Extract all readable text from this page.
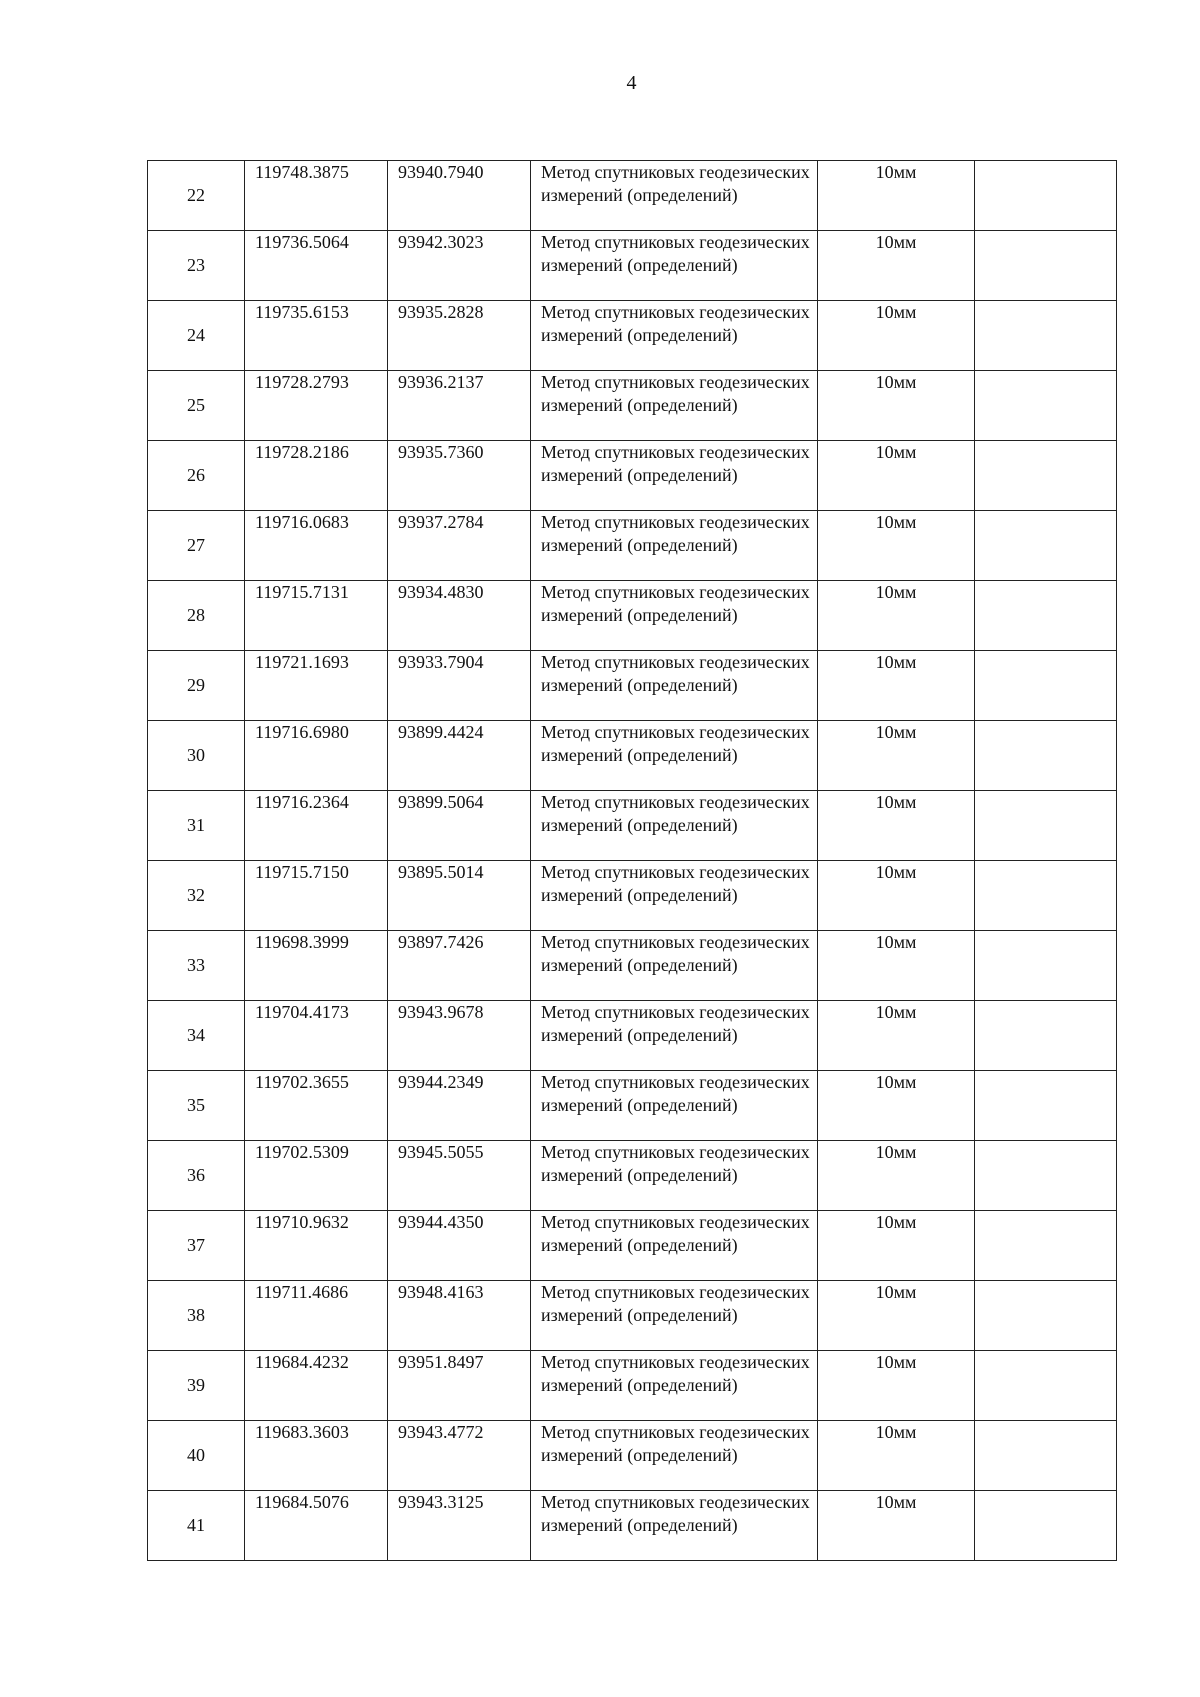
4
22	119748.3875	93940.7940	Метод спутниковых геодезических измерений (определений)	10мм	
23	119736.5064	93942.3023	Метод спутниковых геодезических измерений (определений)	10мм	
24	119735.6153	93935.2828	Метод спутниковых геодезических измерений (определений)	10мм	
25	119728.2793	93936.2137	Метод спутниковых геодезических измерений (определений)	10мм	
26	119728.2186	93935.7360	Метод спутниковых геодезических измерений (определений)	10мм	
27	119716.0683	93937.2784	Метод спутниковых геодезических измерений (определений)	10мм	
28	119715.7131	93934.4830	Метод спутниковых геодезических измерений (определений)	10мм	
29	119721.1693	93933.7904	Метод спутниковых геодезических измерений (определений)	10мм	
30	119716.6980	93899.4424	Метод спутниковых геодезических измерений (определений)	10мм	
31	119716.2364	93899.5064	Метод спутниковых геодезических измерений (определений)	10мм	
32	119715.7150	93895.5014	Метод спутниковых геодезических измерений (определений)	10мм	
33	119698.3999	93897.7426	Метод спутниковых геодезических измерений (определений)	10мм	
34	119704.4173	93943.9678	Метод спутниковых геодезических измерений (определений)	10мм	
35	119702.3655	93944.2349	Метод спутниковых геодезических измерений (определений)	10мм	
36	119702.5309	93945.5055	Метод спутниковых геодезических измерений (определений)	10мм	
37	119710.9632	93944.4350	Метод спутниковых геодезических измерений (определений)	10мм	
38	119711.4686	93948.4163	Метод спутниковых геодезических измерений (определений)	10мм	
39	119684.4232	93951.8497	Метод спутниковых геодезических измерений (определений)	10мм	
40	119683.3603	93943.4772	Метод спутниковых геодезических измерений (определений)	10мм	
41	119684.5076	93943.3125	Метод спутниковых геодезических измерений (определений)	10мм	
